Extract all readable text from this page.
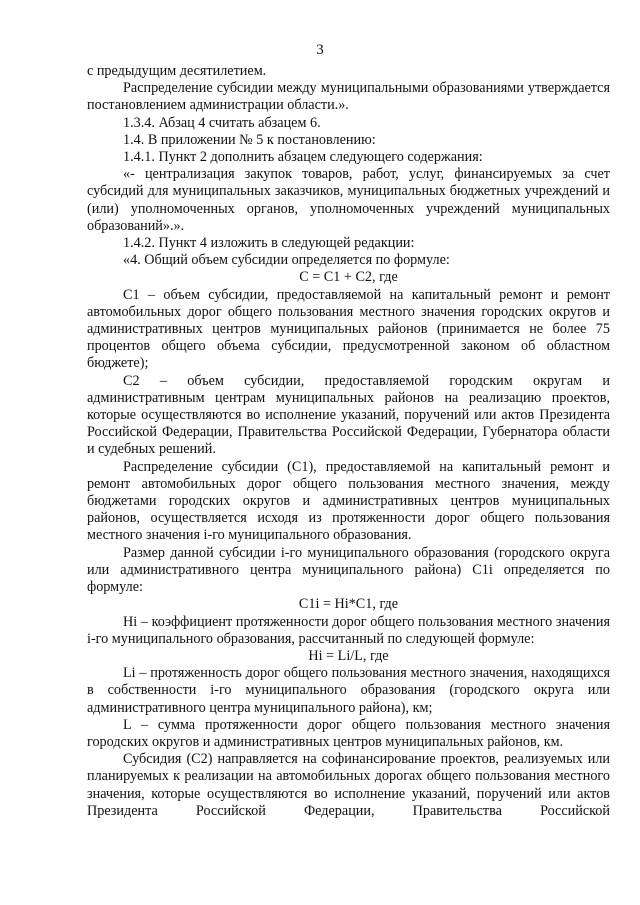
3

с предыдущим десятилетием.

Распределение субсидии между муниципальными образованиями утверждается постановлением администрации области.».

1.3.4. Абзац 4 считать абзацем 6.

1.4. В приложении № 5 к постановлению:

1.4.1. Пункт 2 дополнить абзацем следующего содержания:

«- централизация закупок товаров, работ, услуг, финансируемых за счет субсидий для муниципальных заказчиков, муниципальных бюджетных учреждений и (или) уполномоченных органов, уполномоченных учреждений муниципальных образований».».

1.4.2. Пункт 4 изложить в следующей редакции:

«4. Общий объем субсидии определяется по формуле:

С = С1 + С2, где

С1 – объем субсидии, предоставляемой на капитальный ремонт и ремонт автомобильных дорог общего пользования местного значения городских округов и административных центров муниципальных районов (принимается не более 75 процентов общего объема субсидии, предусмотренной законом об областном бюджете);

С2 – объем субсидии, предоставляемой городским округам и административным центрам муниципальных районов на реализацию проектов, которые осуществляются во исполнение указаний, поручений или актов Президента Российской Федерации, Правительства Российской Федерации, Губернатора области и судебных решений.

Распределение субсидии (С1), предоставляемой на капитальный ремонт и ремонт автомобильных дорог общего пользования местного значения, между бюджетами городских округов и административных центров муниципальных районов, осуществляется исходя из протяженности дорог общего пользования местного значения i-го муниципального образования.

Размер данной субсидии i-го муниципального образования (городского округа или административного центра муниципального района) С1i определяется по формуле:

С1i = Hi*C1, где

Hi – коэффициент протяженности дорог общего пользования местного значения i-го муниципального образования, рассчитанный по следующей формуле:

Hi = Li/L, где

Li – протяженность дорог общего пользования местного значения, находящихся в собственности i-го муниципального образования (городского округа или административного центра муниципального района), км;

L – сумма протяженности дорог общего пользования местного значения городских округов и административных центров муниципальных районов, км.

Субсидия (С2) направляется на софинансирование проектов, реализуемых или планируемых к реализации на автомобильных дорогах общего пользования местного значения, которые осуществляются во исполнение указаний, поручений или актов Президента Российской Федерации, Правительства Российской
